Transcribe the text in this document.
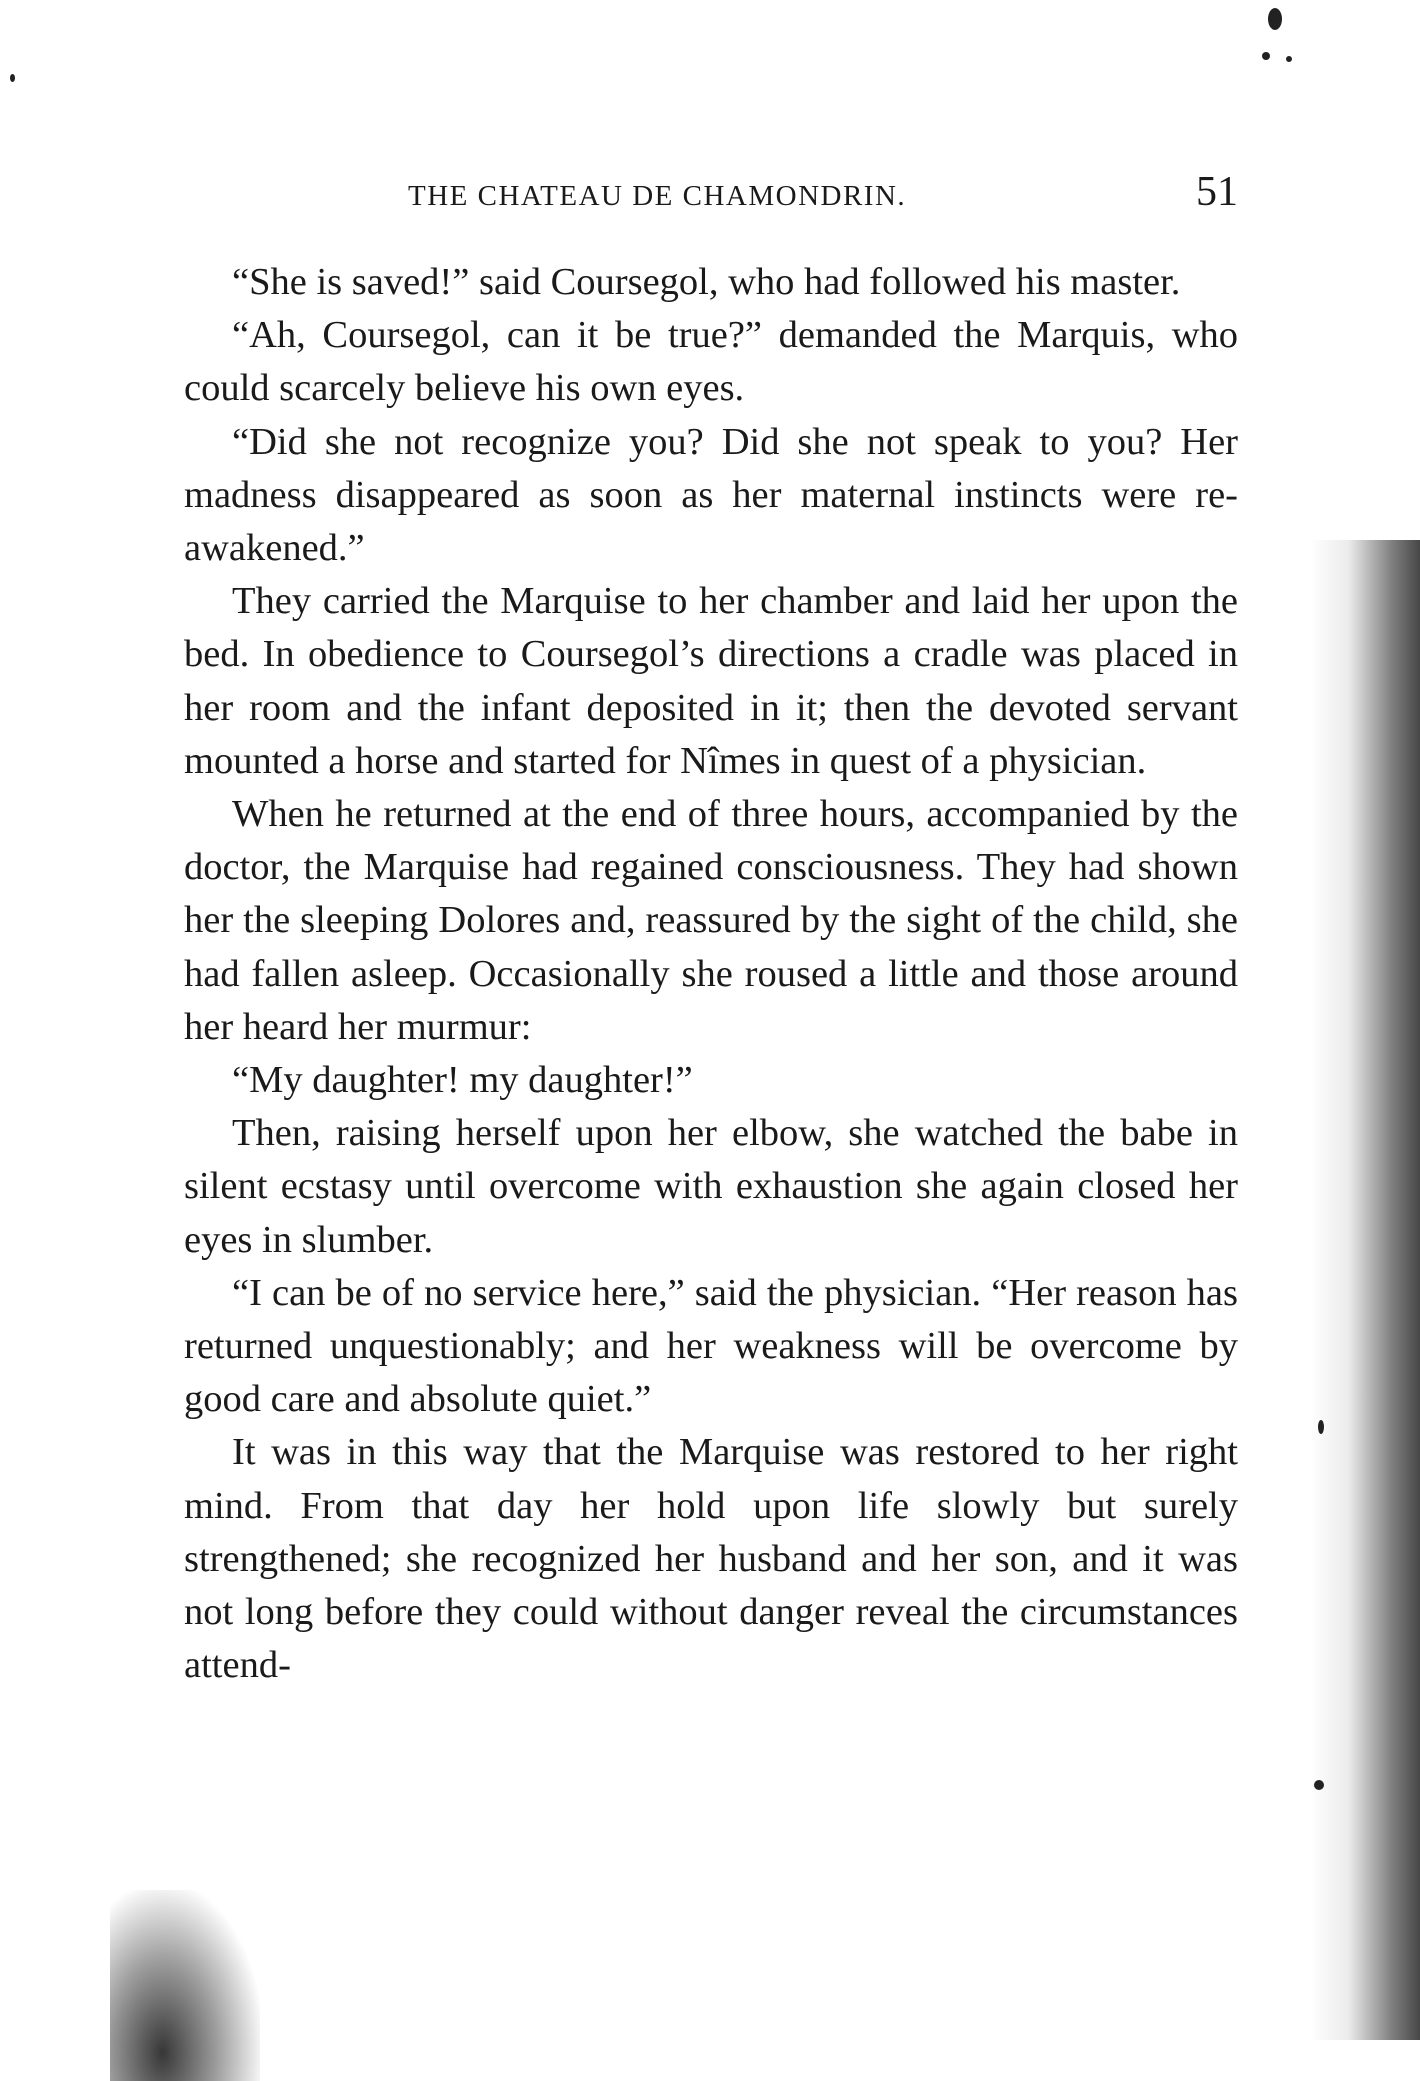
THE CHATEAU DE CHAMONDRIN.	51

“She is saved!” said Coursegol, who had followed his master.

“Ah, Coursegol, can it be true?” demanded the Marquis, who could scarcely believe his own eyes.

“Did she not recognize you? Did she not speak to you? Her madness disappeared as soon as her maternal instincts were re-awakened.”

They carried the Marquise to her chamber and laid her upon the bed. In obedience to Coursegol’s directions a cradle was placed in her room and the infant deposited in it; then the devoted servant mounted a horse and started for Nîmes in quest of a physician.

When he returned at the end of three hours, accompanied by the doctor, the Marquise had regained consciousness. They had shown her the sleeping Dolores and, reassured by the sight of the child, she had fallen asleep. Occasionally she roused a little and those around her heard her murmur:

“My daughter! my daughter!”

Then, raising herself upon her elbow, she watched the babe in silent ecstasy until overcome with exhaustion she again closed her eyes in slumber.

“I can be of no service here,” said the physician. “Her reason has returned unquestionably; and her weakness will be overcome by good care and absolute quiet.”

It was in this way that the Marquise was restored to her right mind. From that day her hold upon life slowly but surely strengthened; she recognized her husband and her son, and it was not long before they could without danger reveal the circumstances attend-
